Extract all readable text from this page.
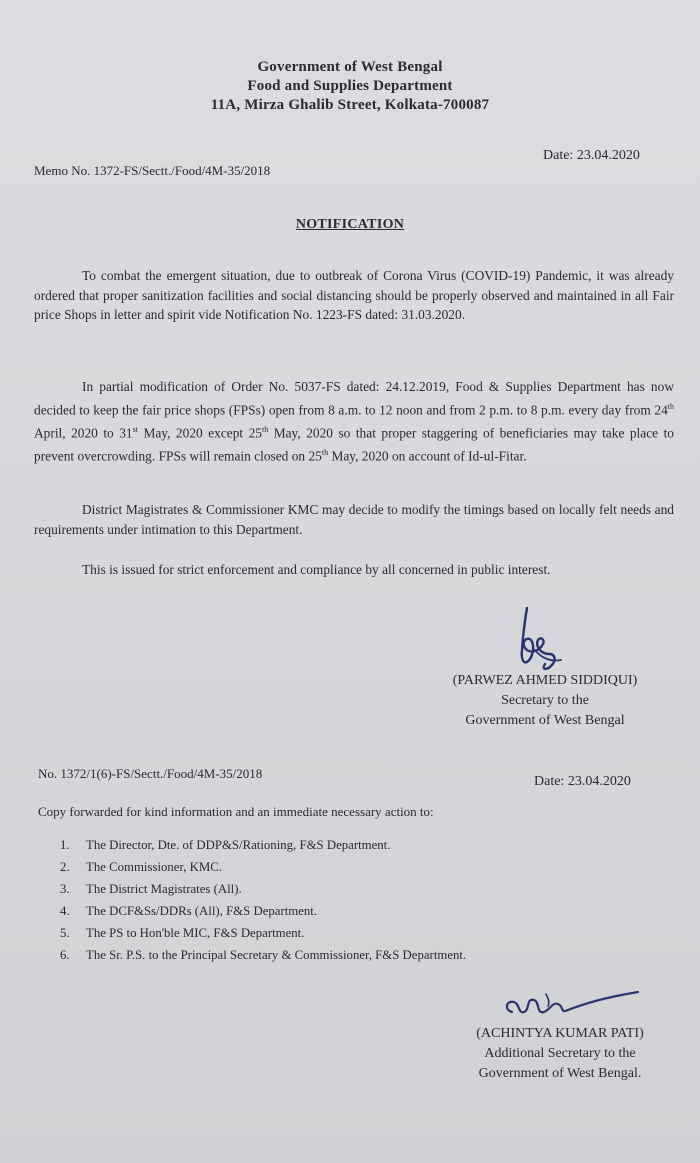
Government of West Bengal
Food and Supplies Department
11A, Mirza Ghalib Street, Kolkata-700087
Memo No. 1372-FS/Sectt./Food/4M-35/2018
Date: 23.04.2020
NOTIFICATION
To combat the emergent situation, due to outbreak of Corona Virus (COVID-19) Pandemic, it was already ordered that proper sanitization facilities and social distancing should be properly observed and maintained in all Fair price Shops in letter and spirit vide Notification No. 1223-FS dated: 31.03.2020.
In partial modification of Order No. 5037-FS dated: 24.12.2019, Food & Supplies Department has now decided to keep the fair price shops (FPSs) open from 8 a.m. to 12 noon and from 2 p.m. to 8 p.m. every day from 24th April, 2020 to 31st May, 2020 except 25th May, 2020 so that proper staggering of beneficiaries may take place to prevent overcrowding. FPSs will remain closed on 25th May, 2020 on account of Id-ul-Fitar.
District Magistrates & Commissioner KMC may decide to modify the timings based on locally felt needs and requirements under intimation to this Department.
This is issued for strict enforcement and compliance by all concerned in public interest.
(PARWEZ AHMED SIDDIQUI)
Secretary to the
Government of West Bengal
No. 1372/1(6)-FS/Sectt./Food/4M-35/2018
Date: 23.04.2020
Copy forwarded for kind information and an immediate necessary action to:
1. The Director, Dte. of DDP&S/Rationing, F&S Department.
2. The Commissioner, KMC.
3. The District Magistrates (All).
4. The DCF&Ss/DDRs (All), F&S Department.
5. The PS to Hon'ble MIC, F&S Department.
6. The Sr. P.S. to the Principal Secretary & Commissioner, F&S Department.
(ACHINTYA KUMAR PATI)
Additional Secretary to the
Government of West Bengal.
